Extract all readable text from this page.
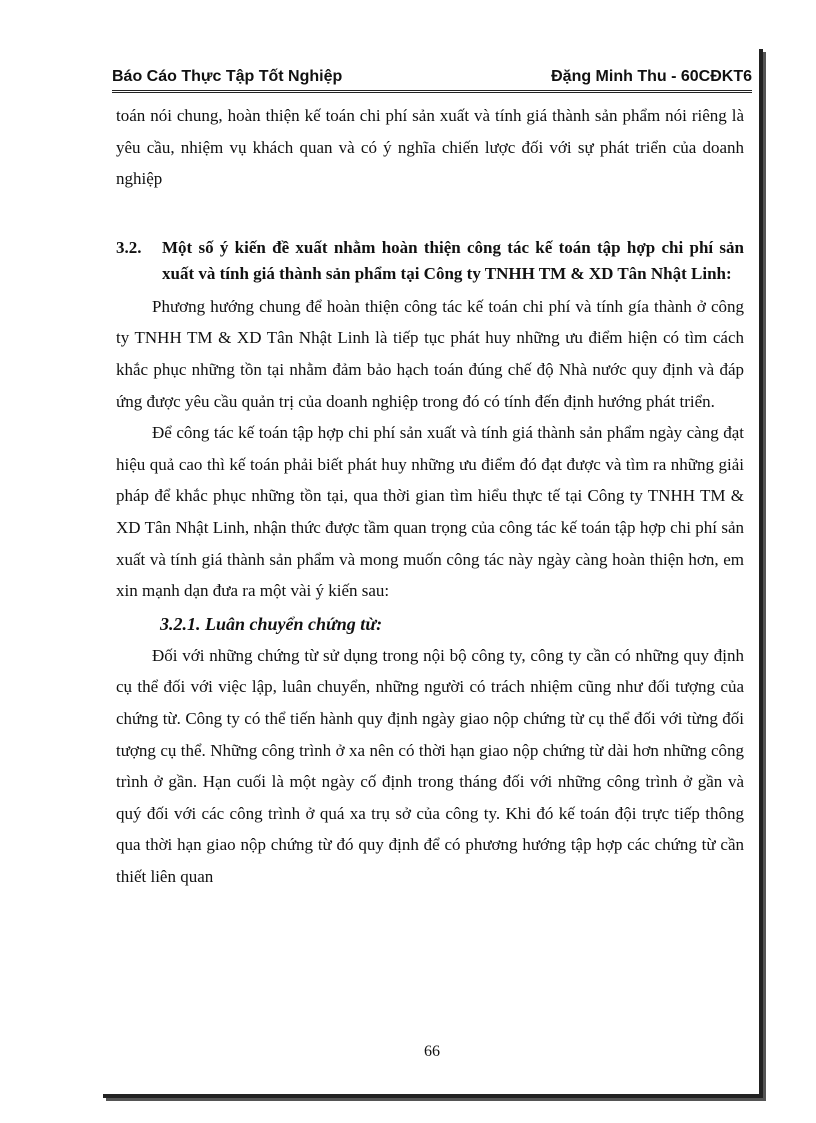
Báo Cáo Thực Tập Tốt Nghiệp	Đặng Minh Thu - 60CĐKT6

toán nói chung, hoàn thiện kế toán chi phí sản xuất và tính giá thành sản phẩm nói riêng là yêu cầu, nhiệm vụ khách quan và có ý nghĩa chiến lược đối với sự phát triển của doanh nghiệp

3.2.	Một số ý kiến đề xuất nhằm hoàn thiện công tác kế toán tập hợp chi phí sản xuất và tính giá thành sản phẩm tại Công ty TNHH TM & XD Tân Nhật Linh:

Phương hướng chung để hoàn thiện công tác kế toán chi phí và tính gía thành ở công ty TNHH TM & XD Tân Nhật Linh là tiếp tục phát huy những ưu điểm hiện có tìm cách khắc phục những tồn tại nhằm đảm bảo hạch toán đúng chế độ Nhà nước quy định và đáp ứng được yêu cầu quản trị của doanh nghiệp trong đó có tính đến định hướng phát triển.

Để công tác kế toán tập hợp chi phí sản xuất và tính giá thành sản phẩm ngày càng đạt hiệu quả cao thì kế toán phải biết phát huy những ưu điểm đó đạt được và tìm ra những giải pháp để khắc phục những tồn tại, qua thời gian tìm hiểu thực tế tại Công ty TNHH TM & XD Tân Nhật Linh, nhận thức được tầm quan trọng của công tác kế toán tập hợp chi phí sản xuất và tính giá thành sản phẩm và mong muốn công tác này ngày càng hoàn thiện hơn, em xin mạnh dạn đưa ra một vài ý kiến sau:

3.2.1. Luân chuyển chứng từ:

Đối với những chứng từ sử dụng trong nội bộ công ty, công ty cần có những quy định cụ thể đối với việc lập, luân chuyển, những người có trách nhiệm cũng như đối tượng của chứng từ. Công ty có thể tiến hành quy định ngày giao nộp chứng từ cụ thể đối với từng đối tượng cụ thể. Những công trình ở xa nên có thời hạn giao nộp chứng từ dài hơn những công trình ở gần. Hạn cuối là một ngày cố định trong tháng đối với những công trình ở gần và quý đối với các công trình ở quá xa trụ sở của công ty. Khi đó kế toán đội trực tiếp thông qua thời hạn giao nộp chứng từ đó quy định để có phương hướng tập hợp các chứng từ cần thiết liên quan

66
